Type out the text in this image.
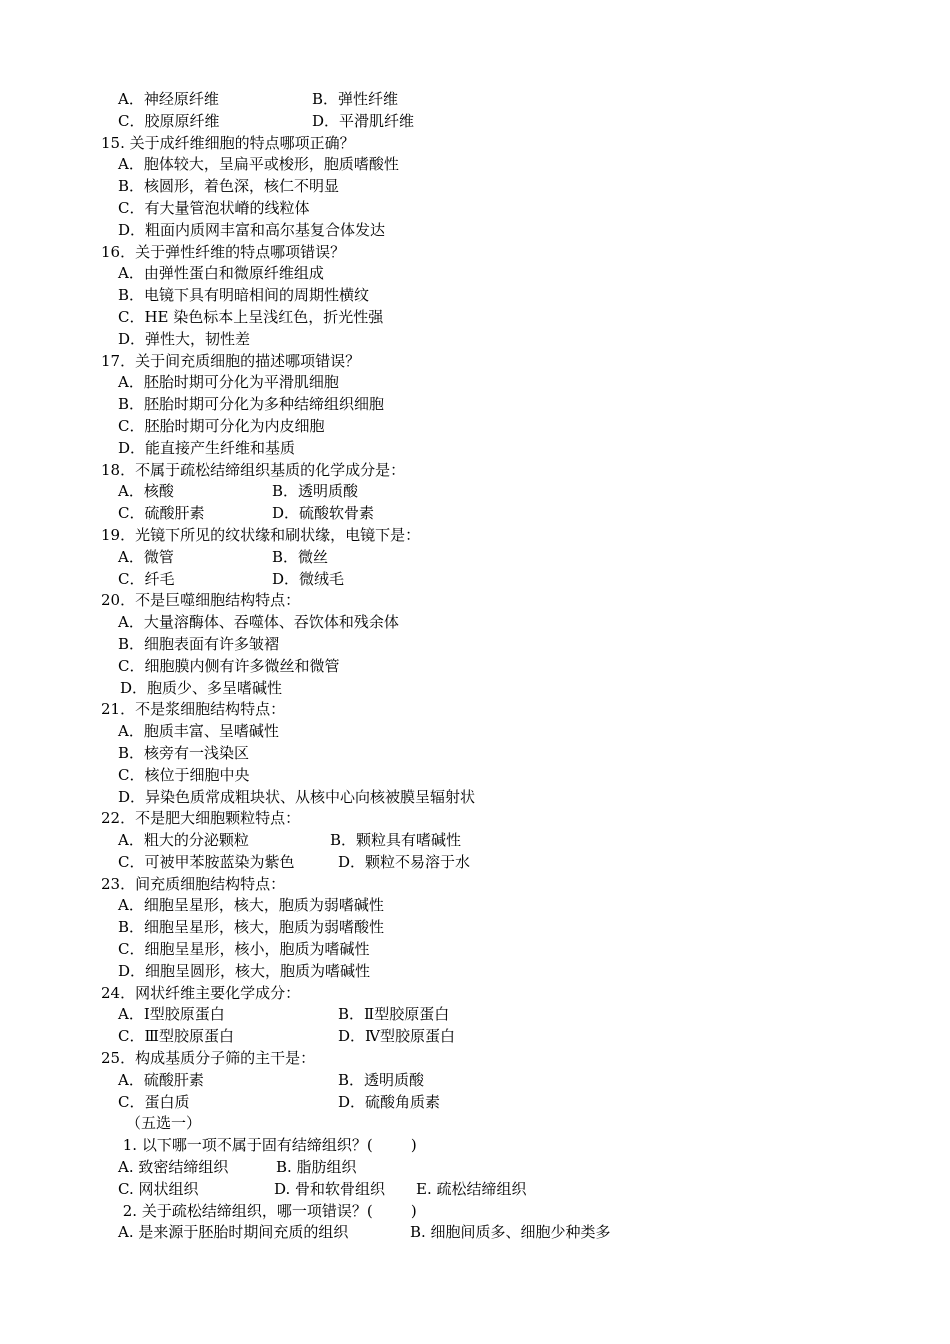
A．神经原纤维	B．弹性纤维
C．胶原原纤维	D．平滑肌纤维
15. 关于成纤维细胞的特点哪项正确？
A．胞体较大，呈扁平或梭形，胞质嗜酸性
B．核圆形，着色深，核仁不明显
C．有大量管泡状嵴的线粒体
D．粗面内质网丰富和高尔基复合体发达
16．关于弹性纤维的特点哪项错误？
A．由弹性蛋白和微原纤维组成
B．电镜下具有明暗相间的周期性横纹
C．HE 染色标本上呈浅红色，折光性强
D．弹性大，韧性差
17．关于间充质细胞的描述哪项错误？
A．胚胎时期可分化为平滑肌细胞
B．胚胎时期可分化为多种结缔组织细胞
C．胚胎时期可分化为内皮细胞
D．能直接产生纤维和基质
18．不属于疏松结缔组织基质的化学成分是：
A．核酸	B．透明质酸
C．硫酸肝素	D．硫酸软骨素
19．光镜下所见的纹状缘和刷状缘，电镜下是：
A．微管	B．微丝
C．纤毛	D．微绒毛
20．不是巨噬细胞结构特点：
A．大量溶酶体、吞噬体、吞饮体和残余体
B．细胞表面有许多皱褶
C．细胞膜内侧有许多微丝和微管
D．胞质少、多呈嗜碱性
21．不是浆细胞结构特点：
A．胞质丰富、呈嗜碱性
B．核旁有一浅染区
C．核位于细胞中央
D．异染色质常成粗块状、从核中心向核被膜呈辐射状
22．不是肥大细胞颗粒特点：
A．粗大的分泌颗粒	B．颗粒具有嗜碱性
C．可被甲苯胺蓝染为紫色	D．颗粒不易溶于水
23．间充质细胞结构特点：
A．细胞呈星形，核大，胞质为弱嗜碱性
B．细胞呈星形，核大，胞质为弱嗜酸性
C．细胞呈星形，核小，胞质为嗜碱性
D．细胞呈圆形，核大，胞质为嗜碱性
24．网状纤维主要化学成分：
A．Ⅰ型胶原蛋白	B．Ⅱ型胶原蛋白
C．Ⅲ型胶原蛋白	D．Ⅳ型胶原蛋白
25．构成基质分子筛的主干是：
A．硫酸肝素	B．透明质酸
C．蛋白质	D．硫酸角质素
（五选一）
1. 以下哪一项不属于固有结缔组织？(        )
A. 致密结缔组织	B. 脂肪组织
C. 网状组织	D. 骨和软骨组织 E. 疏松结缔组织
2. 关于疏松结缔组织，哪一项错误？(        )
A. 是来源于胚胎时期间充质的组织	B. 细胞间质多、细胞少种类多
